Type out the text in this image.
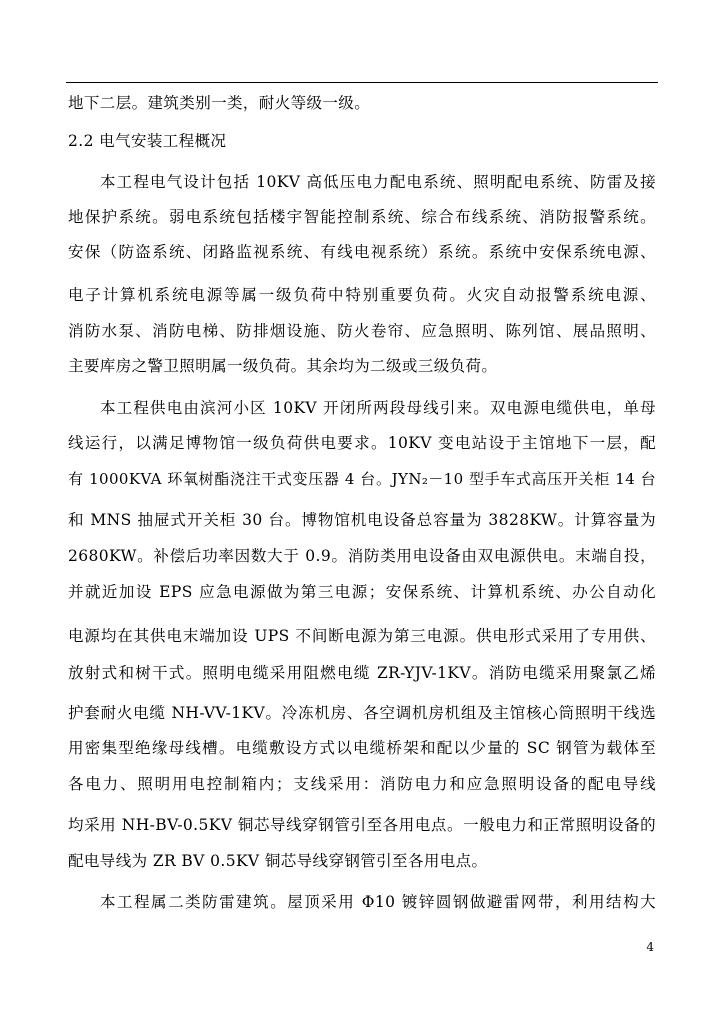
地下二层。建筑类别一类，耐火等级一级。
2.2 电气安装工程概况
本工程电气设计包括 10KV 高低压电力配电系统、照明配电系统、防雷及接
地保护系统。弱电系统包括楼宇智能控制系统、综合布线系统、消防报警系统。
安保（防盗系统、闭路监视系统、有线电视系统）系统。系统中安保系统电源、
电子计算机系统电源等属一级负荷中特别重要负荷。火灾自动报警系统电源、
消防水泵、消防电梯、防排烟设施、防火卷帘、应急照明、陈列馆、展品照明、
主要库房之警卫照明属一级负荷。其余均为二级或三级负荷。
本工程供电由滨河小区 10KV 开闭所两段母线引来。双电源电缆供电，单母
线运行，以满足博物馆一级负荷供电要求。10KV 变电站设于主馆地下一层，配
有 1000KVA 环氧树酯浇注干式变压器 4 台。JYN₂－10 型手车式高压开关柜 14 台
和 MNS 抽屉式开关柜 30 台。博物馆机电设备总容量为 3828KW。计算容量为
2680KW。补偿后功率因数大于 0.9。消防类用电设备由双电源供电。末端自投，
并就近加设 EPS 应急电源做为第三电源；安保系统、计算机系统、办公自动化
电源均在其供电末端加设 UPS 不间断电源为第三电源。供电形式采用了专用供、
放射式和树干式。照明电缆采用阻燃电缆 ZR-YJV-1KV。消防电缆采用聚氯乙烯
护套耐火电缆 NH-VV-1KV。冷冻机房、各空调机房机组及主馆核心筒照明干线选
用密集型绝缘母线槽。电缆敷设方式以电缆桥架和配以少量的 SC 钢管为载体至
各电力、照明用电控制箱内；支线采用：消防电力和应急照明设备的配电导线
均采用 NH-BV-0.5KV 铜芯导线穿钢管引至各用电点。一般电力和正常照明设备的
配电导线为 ZR BV 0.5KV 铜芯导线穿钢管引至各用电点。
本工程属二类防雷建筑。屋顶采用 Φ10 镀锌圆钢做避雷网带，利用结构大
4
